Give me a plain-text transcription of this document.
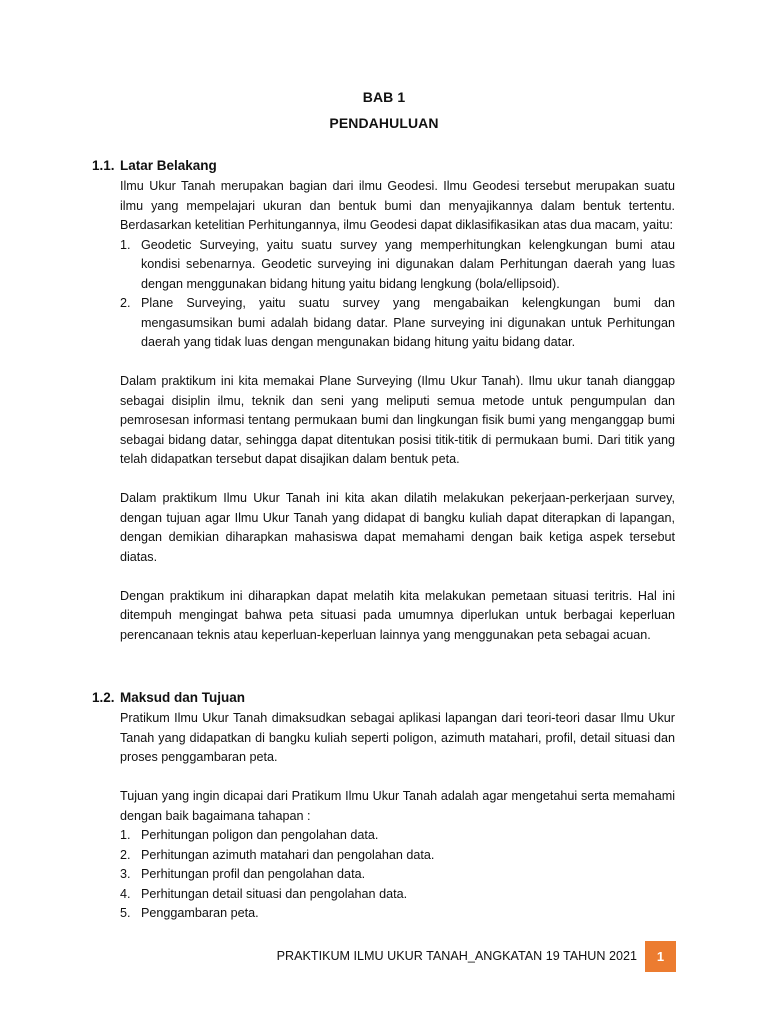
BAB 1
PENDAHULUAN
1.1. Latar Belakang

Ilmu Ukur Tanah merupakan bagian dari ilmu Geodesi. Ilmu Geodesi tersebut merupakan suatu ilmu yang mempelajari ukuran dan bentuk bumi dan menyajikannya dalam bentuk tertentu. Berdasarkan ketelitian Perhitungannya, ilmu Geodesi dapat diklasifikasikan atas dua macam, yaitu:

1. Geodetic Surveying, yaitu suatu survey yang memperhitungkan kelengkungan bumi atau kondisi sebenarnya. Geodetic surveying ini digunakan dalam Perhitungan daerah yang luas dengan menggunakan bidang hitung yaitu bidang lengkung (bola/ellipsoid).
2. Plane Surveying, yaitu suatu survey yang mengabaikan kelengkungan bumi dan mengasumsikan bumi adalah bidang datar. Plane surveying ini digunakan untuk Perhitungan daerah yang tidak luas dengan mengunakan bidang hitung yaitu bidang datar.

Dalam praktikum ini kita memakai Plane Surveying (Ilmu Ukur Tanah). Ilmu ukur tanah dianggap sebagai disiplin ilmu, teknik dan seni yang meliputi semua metode untuk pengumpulan dan pemrosesan informasi tentang permukaan bumi dan lingkungan fisik bumi yang menganggap bumi sebagai bidang datar, sehingga dapat ditentukan posisi titik-titik di permukaan bumi. Dari titik yang telah didapatkan tersebut dapat disajikan dalam bentuk peta.

Dalam praktikum Ilmu Ukur Tanah ini kita akan dilatih melakukan pekerjaan-perkerjaan survey, dengan tujuan agar Ilmu Ukur Tanah yang didapat di bangku kuliah dapat diterapkan di lapangan, dengan demikian diharapkan mahasiswa dapat memahami dengan baik ketiga aspek tersebut diatas.

Dengan praktikum ini diharapkan dapat melatih kita melakukan pemetaan situasi teritris. Hal ini ditempuh mengingat bahwa peta situasi pada umumnya diperlukan untuk berbagai keperluan perencanaan teknis atau keperluan-keperluan lainnya yang menggunakan peta sebagai acuan.

1.2. Maksud dan Tujuan

Pratikum Ilmu Ukur Tanah dimaksudkan sebagai aplikasi lapangan dari teori-teori dasar Ilmu Ukur Tanah yang didapatkan di bangku kuliah seperti poligon, azimuth matahari, profil, detail situasi dan proses penggambaran peta.

Tujuan yang ingin dicapai dari Pratikum Ilmu Ukur Tanah adalah agar mengetahui serta memahami dengan baik bagaimana tahapan :

1. Perhitungan poligon dan pengolahan data.
2. Perhitungan azimuth matahari dan pengolahan data.
3. Perhitungan profil dan pengolahan data.
4. Perhitungan detail situasi dan pengolahan data.
5. Penggambaran peta.
PRAKTIKUM ILMU UKUR TANAH_ANGKATAN 19 TAHUN 2021	1
